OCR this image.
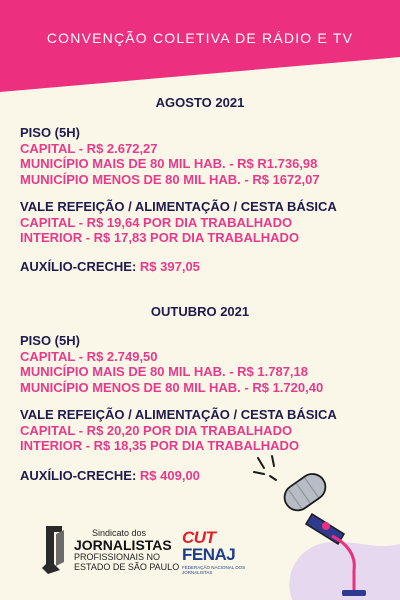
CONVENÇÃO COLETIVA DE RÁDIO E TV
AGOSTO 2021
PISO (5H)
CAPITAL - R$ 2.672,27
MUNICÍPIO MAIS DE 80 MIL HAB. - R$ R1.736,98
MUNICÍPIO MENOS DE 80 MIL HAB. - R$ 1672,07
VALE REFEIÇÃO / ALIMENTAÇÃO / CESTA BÁSICA
CAPITAL - R$ 19,64 POR DIA TRABALHADO
INTERIOR - R$ 17,83 POR DIA TRABALHADO
AUXÍLIO-CRECHE: R$ 397,05
OUTUBRO 2021
PISO (5H)
CAPITAL - R$ 2.749,50
MUNICÍPIO MAIS DE 80 MIL HAB. - R$ 1.787,18
MUNICÍPIO MENOS DE 80 MIL HAB. - R$ 1.720,40
VALE REFEIÇÃO / ALIMENTAÇÃO / CESTA BÁSICA
CAPITAL - R$ 20,20 POR DIA TRABALHADO
INTERIOR - R$ 18,35 POR DIA TRABALHADO
AUXÍLIO-CRECHE: R$ 409,00
Sindicato dos
JORNALISTAS
PROFISSIONAIS NO
ESTADO DE SÃO PAULO
CUT
FENAJ
FEDERAÇÃO NACIONAL DOS JORNALISTAS
